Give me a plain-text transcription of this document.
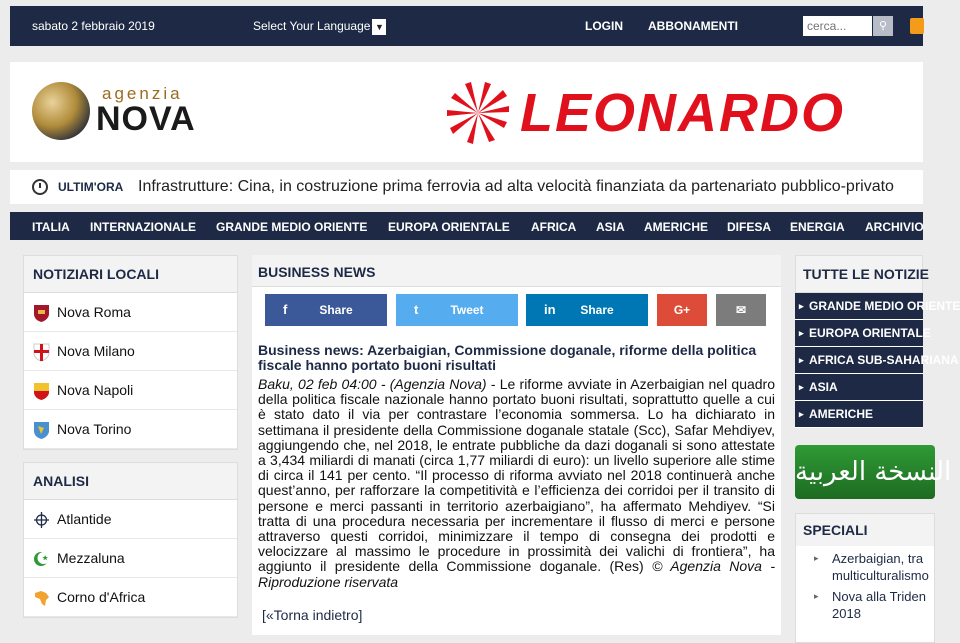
sabato 2 febbraio 2019	Select Your Language ▼	LOGIN ABBONAMENTI
cerca...	⚲
agenzia
NOVA	LEONARDO
ULTIM'ORA Infrastrutture: Cina, in costruzione prima ferrovia ad alta velocità finanziata da partenariato pubblico-privato
ITALIA INTERNAZIONALE GRANDE MEDIO ORIENTE EUROPA ORIENTALE AFRICA ASIA AMERICHE DIFESA ENERGIA ARCHIVIO
NOTIZIARI LOCALI
Nova Roma
Nova Milano
Nova Napoli
Nova Torino
ANALISI
Atlantide
Mezzaluna
Corno d'Africa
BUSINESS NEWS
f	Share	t	Tweet	in	Share	G+	✉
Business news: Azerbaigian, Commissione doganale, riforme della politica fiscale hanno portato buoni risultati
Baku, 02 feb 04:00 - (Agenzia Nova) - Le riforme avviate in Azerbaigian nel quadro della politica fiscale nazionale hanno portato buoni risultati, soprattutto quelle a cui è stato dato il via per contrastare l’economia sommersa. Lo ha dichiarato in settimana il presidente della Commissione doganale statale (Scc), Safar Mehdiyev, aggiungendo che, nel 2018, le entrate pubbliche da dazi doganali si sono attestate a 3,434 miliardi di manati (circa 1,77 miliardi di euro): un livello superiore alle stime di circa il 141 per cento. “Il processo di riforma avviato nel 2018 continuerà anche quest’anno, per rafforzare la competitività e l’efficienza dei corridoi per il transito di persone e merci passanti in territorio azerbaigiano”, ha affermato Mehdiyev. “Si tratta di una procedura necessaria per incrementare il flusso di merci e persone attraverso questi corridoi, minimizzare il tempo di consegna dei prodotti e velocizzare al massimo le procedure in prossimità dei valichi di frontiera”, ha aggiunto il presidente della Commissione doganale. (Res) © Agenzia Nova - Riproduzione riservata
[«Torna indietro]
TUTTE LE NOTIZIE
▸ GRANDE MEDIO ORIENTE
▸ EUROPA ORIENTALE
▸ AFRICA SUB-SAHARIANA
▸ ASIA
▸ AMERICHE
النسخة العربية
SPECIALI
▸ Azerbaigian, tra
multiculturalismo
▸ Nova alla Triden
2018
